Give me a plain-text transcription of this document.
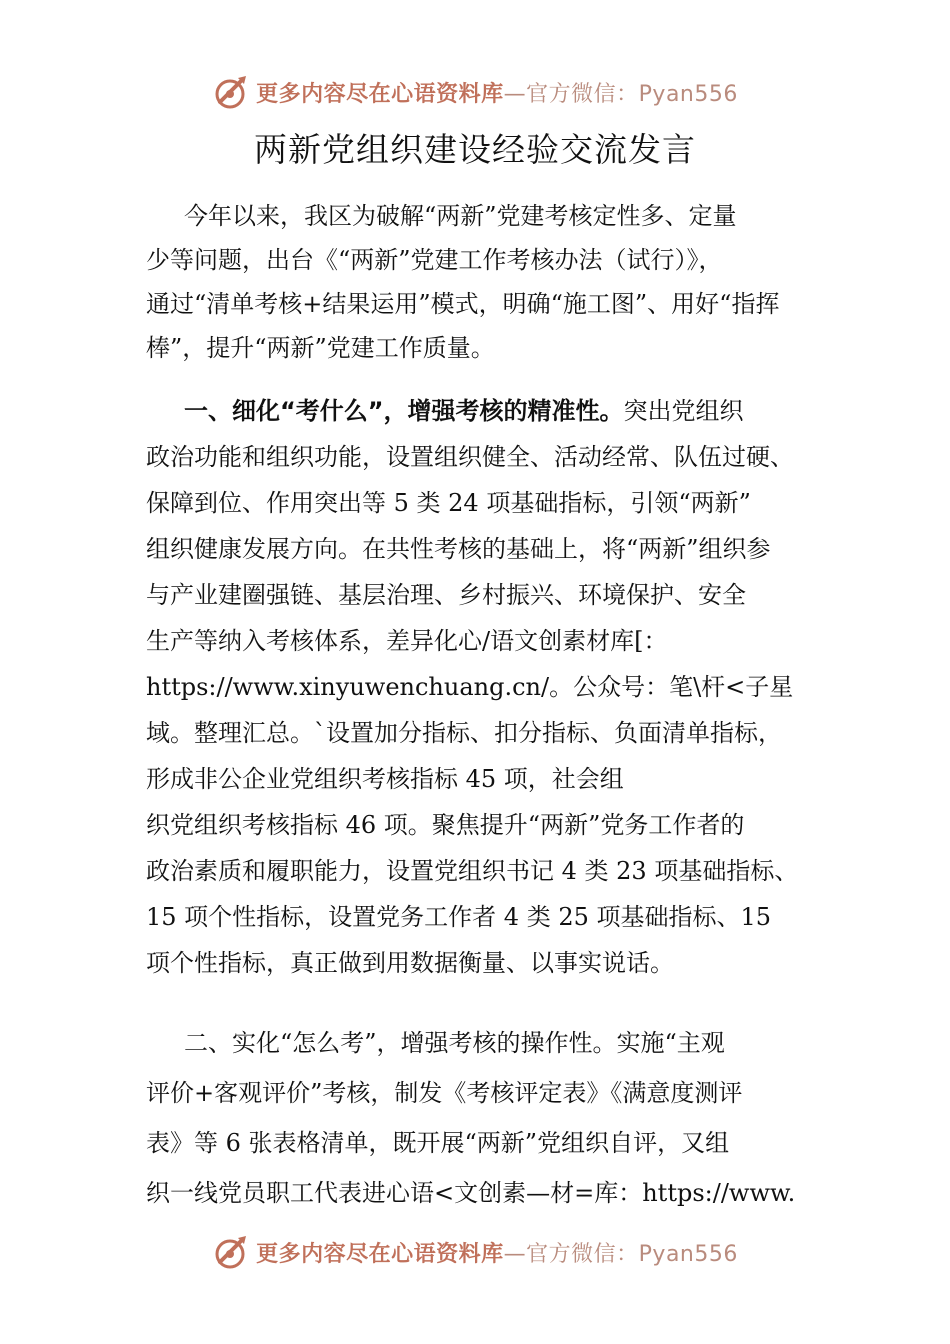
更多内容尽在心语资料库—官方微信：Pyan556
两新党组织建设经验交流发言

今年以来，我区为破解“两新”党建考核定性多、定量

少等问题，出台《“两新”党建工作考核办法（试行）》，

通过“清单考核+结果运用”模式，明确“施工图”、用好“指挥

棒”，提升“两新”党建工作质量。

一、细化“考什么”，增强考核的精准性。突出党组织

政治功能和组织功能，设置组织健全、活动经常、队伍过硬、

保障到位、作用突出等 5 类 24 项基础指标，引领“两新”

组织健康发展方向。在共性考核的基础上，将“两新”组织参

与产业建圈强链、基层治理、乡村振兴、环境保护、安全

生产等纳入考核体系，差异化心/语文创素材库[：

https://www.xinyuwenchuang.cn/。公众号：笔\杆<子星

域。整理汇总。`设置加分指标、扣分指标、负面清单指标，

形成非公企业党组织考核指标 45 项，社会组

织党组织考核指标 46 项。聚焦提升“两新”党务工作者的

政治素质和履职能力，设置党组织书记 4 类 23 项基础指标、

15 项个性指标，设置党务工作者 4 类 25 项基础指标、15

项个性指标，真正做到用数据衡量、以事实说话。

二、实化“怎么考”，增强考核的操作性。实施“主观

评价+客观评价”考核，制发《考核评定表》《满意度测评

表》等 6 张表格清单，既开展“两新”党组织自评，又组

织一线党员职工代表进心语<文创素—材=库：https://www.

更多内容尽在心语资料库—官方微信：Pyan556
